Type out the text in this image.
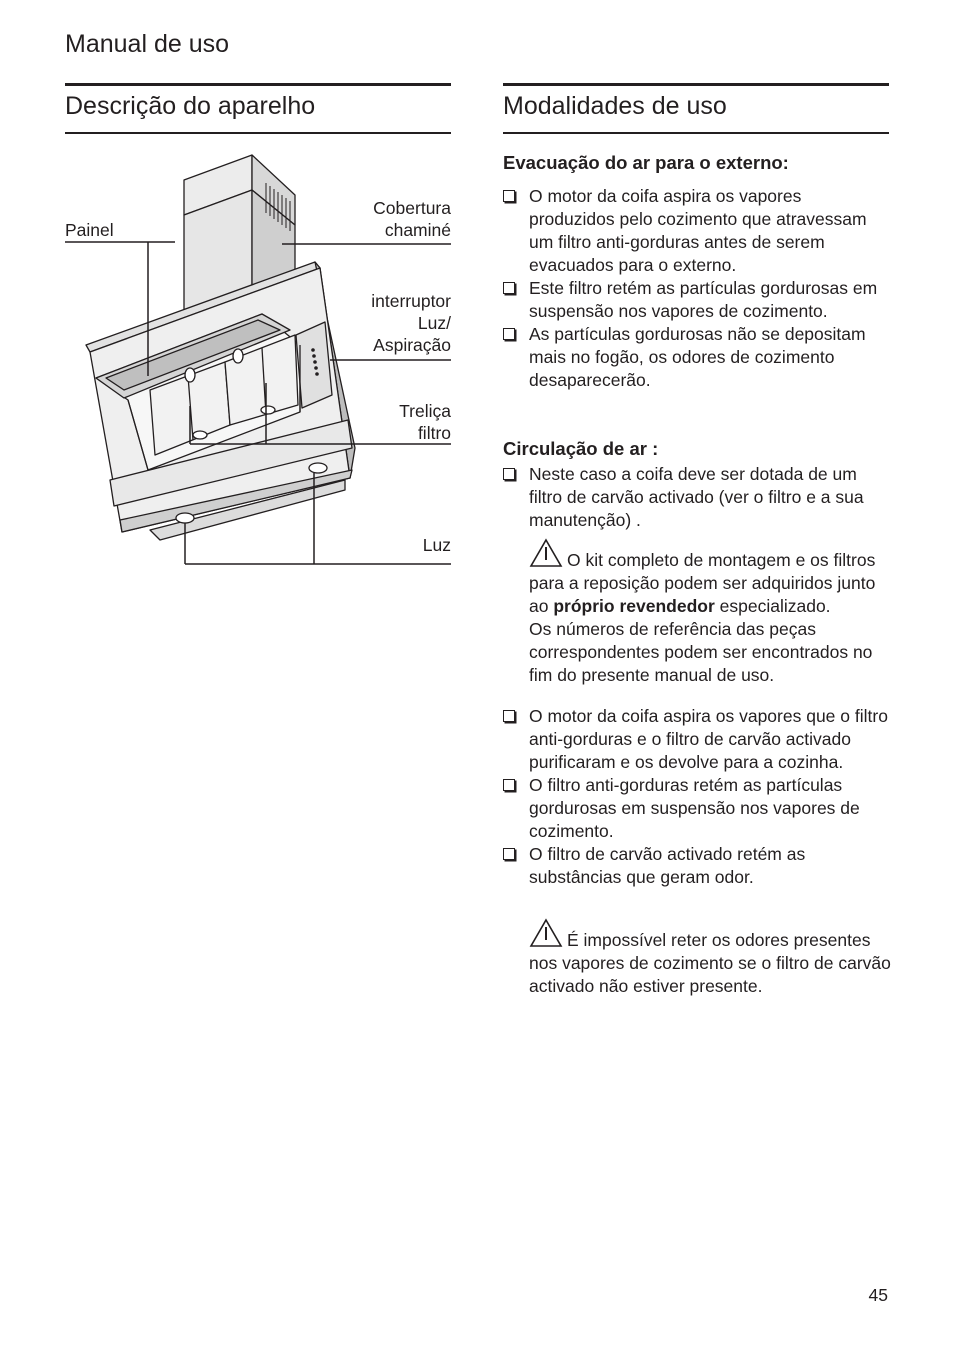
Manual de uso
Descrição do aparelho
Painel
Cobertura
chaminé
interruptor
Luz/
Aspiração
Treliça
filtro
Luz
Modalidades de uso
Evacuação do ar para o externo:
O motor da coifa aspira os vapores produzidos pelo cozimento que atravessam um filtro anti-gorduras antes de serem evacuados para o externo.
Este filtro retém as partículas gordurosas em suspensão nos vapores de cozimento.
As partículas gordurosas não se depositam mais no fogão, os odores de cozimento desaparecerão.
Circulação de ar :
Neste caso a coifa deve ser dotada de um filtro de carvão activado (ver o filtro e a sua manutenção) .
O kit completo de montagem e os filtros para a reposição podem ser adquiridos junto ao próprio revendedor especializado.
Os números de referência das peças correspondentes podem ser encontrados no fim do presente manual de uso.
O motor da coifa aspira os vapores que o filtro anti-gorduras e o filtro de carvão activado purificaram e os devolve para a cozinha.
O filtro anti-gorduras retém as partículas gordurosas em suspensão nos vapores de cozimento.
O filtro de carvão activado retém as substâncias que geram odor.
É impossível reter os odores presentes nos vapores de cozimento se o filtro de carvão activado não estiver presente.
45
